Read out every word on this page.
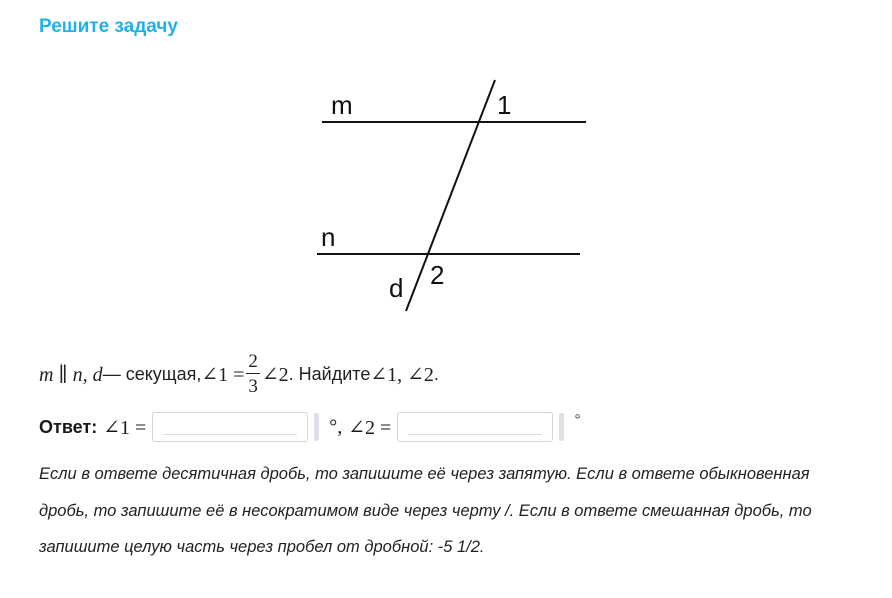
Решите задачу
m	1
n
2
d
m ∥ n, d — секущая, ∠1 = $\frac{2}{3}$ ∠2 . Найдите ∠1, ∠2 .
Ответ: ∠1 =	°, ∠2 =	°
Если в ответе десятичная дробь, то запишите её через запятую. Если в ответе обыкновенная дробь, то запишите её в несократимом виде через черту /. Если в ответе смешанная дробь, то запишите целую часть через пробел от дробной: -5 1/2.
